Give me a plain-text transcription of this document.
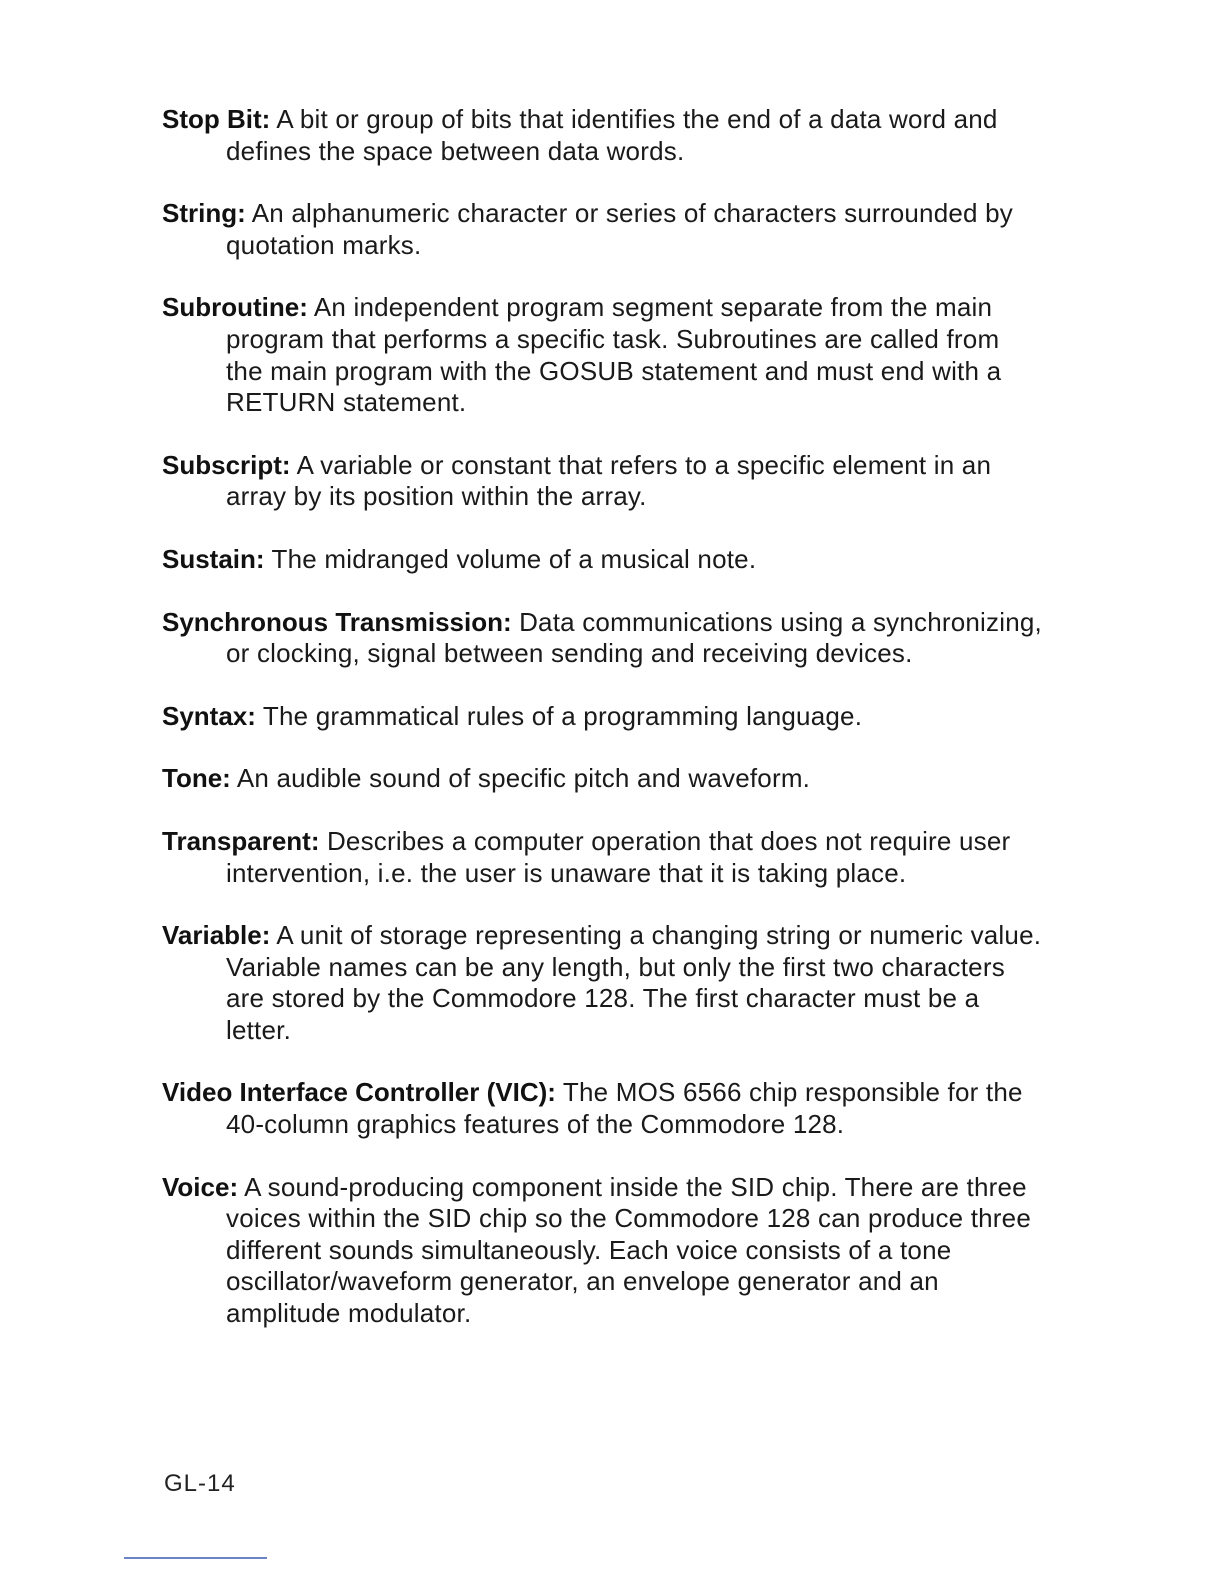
Stop Bit: A bit or group of bits that identifies the end of a data word and defines the space between data words.

String: An alphanumeric character or series of characters surrounded by quotation marks.

Subroutine: An independent program segment separate from the main program that performs a specific task. Subroutines are called from the main program with the GOSUB statement and must end with a RETURN statement.

Subscript: A variable or constant that refers to a specific element in an array by its position within the array.

Sustain: The midranged volume of a musical note.

Synchronous Transmission: Data communications using a synchronizing, or clocking, signal between sending and receiving devices.

Syntax: The grammatical rules of a programming language.

Tone: An audible sound of specific pitch and waveform.

Transparent: Describes a computer operation that does not require user intervention, i.e. the user is unaware that it is taking place.

Variable: A unit of storage representing a changing string or numeric value. Variable names can be any length, but only the first two characters are stored by the Commodore 128. The first character must be a letter.

Video Interface Controller (VIC): The MOS 6566 chip responsible for the 40-column graphics features of the Commodore 128.

Voice: A sound-producing component inside the SID chip. There are three voices within the SID chip so the Commodore 128 can produce three different sounds simultaneously. Each voice consists of a tone oscillator/waveform generator, an envelope generator and an amplitude modulator.

GL-14
